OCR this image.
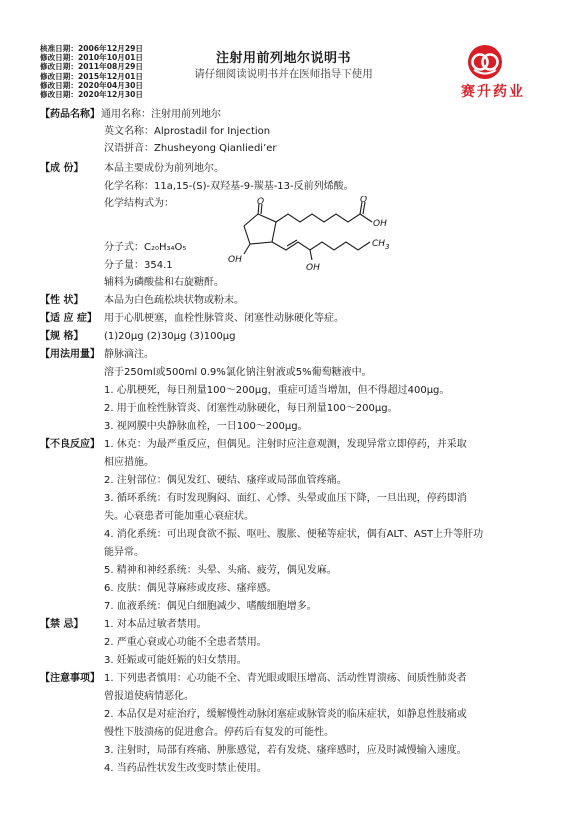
核准日期：2006年12月29日
修改日期：2010年10月01日
修改日期：2011年08月29日
修改日期：2015年12月01日
修改日期：2020年04月30日
修改日期：2020年12月30日
注射用前列地尔说明书
请仔细阅读说明书并在医师指导下使用
赛升药业
【药品名称】 通用名称：注射用前列地尔
英文名称：Alprostadil for Injection
汉语拼音：Zhusheyong Qianliedi’er
【成 份】 本品主要成份为前列地尔。
化学名称：11a,15-(S)-双羟基-9-羰基-13-反前列烯酸。
化学结构式为：	O	O
OH
$CH_3$
OH
OH
分子式：C₂₀H₃₄O₅
分子量：354.1
辅料为磷酸盐和右旋糖酐。
【性 状】 本品为白色疏松块状物或粉末。
【适 应 症】 用于心肌梗塞，血栓性脉管炎、闭塞性动脉硬化等症。
【规 格】 (1)20μg (2)30μg (3)100μg
【用法用量】 静脉滴注。
溶于250ml或500ml 0.9%氯化钠注射液或5%葡萄糖液中。
1. 心肌梗死，每日剂量100～200μg，重症可适当增加，但不得超过400μg。
2. 用于血栓性脉管炎、闭塞性动脉硬化，每日剂量100～200μg。
3. 视网膜中央静脉血栓，一日100～200μg。
【不良反应】 1. 休克：为最严重反应，但偶见。注射时应注意观测，发现异常立即停药，并采取
相应措施。
2. 注射部位：偶见发红、硬结、瘙痒或局部血管疼痛。
3. 循环系统：有时发现胸闷、面红、心悸、头晕或血压下降，一旦出现，停药即消
失。心衰患者可能加重心衰症状。
4. 消化系统：可出现食欲不振、呕吐、腹胀、便秘等症状，偶有ALT、AST上升等肝功
能异常。
5. 精神和神经系统：头晕、头痛、疲劳，偶见发麻。
6. 皮肤：偶见荨麻疹或皮疹、瘙痒感。
7. 血液系统：偶见白细胞减少、嗜酸细胞增多。
【禁 忌】 1. 对本品过敏者禁用。
2. 严重心衰或心功能不全患者禁用。
3. 妊娠或可能妊娠的妇女禁用。
【注意事项】 1. 下列患者慎用：心功能不全、青光眼或眼压增高、活动性胃溃疡、间质性肺炎者
曾报道使病情恶化。
2. 本品仅是对症治疗，缓解慢性动脉闭塞症或脉管炎的临床症状，如静息性肢痛或
慢性下肢溃疡的促进愈合。停药后有复发的可能性。
3. 注射时，局部有疼痛、肿胀感觉，若有发烧、瘙痒感时，应及时减慢输入速度。
4. 当药品性状发生改变时禁止使用。
